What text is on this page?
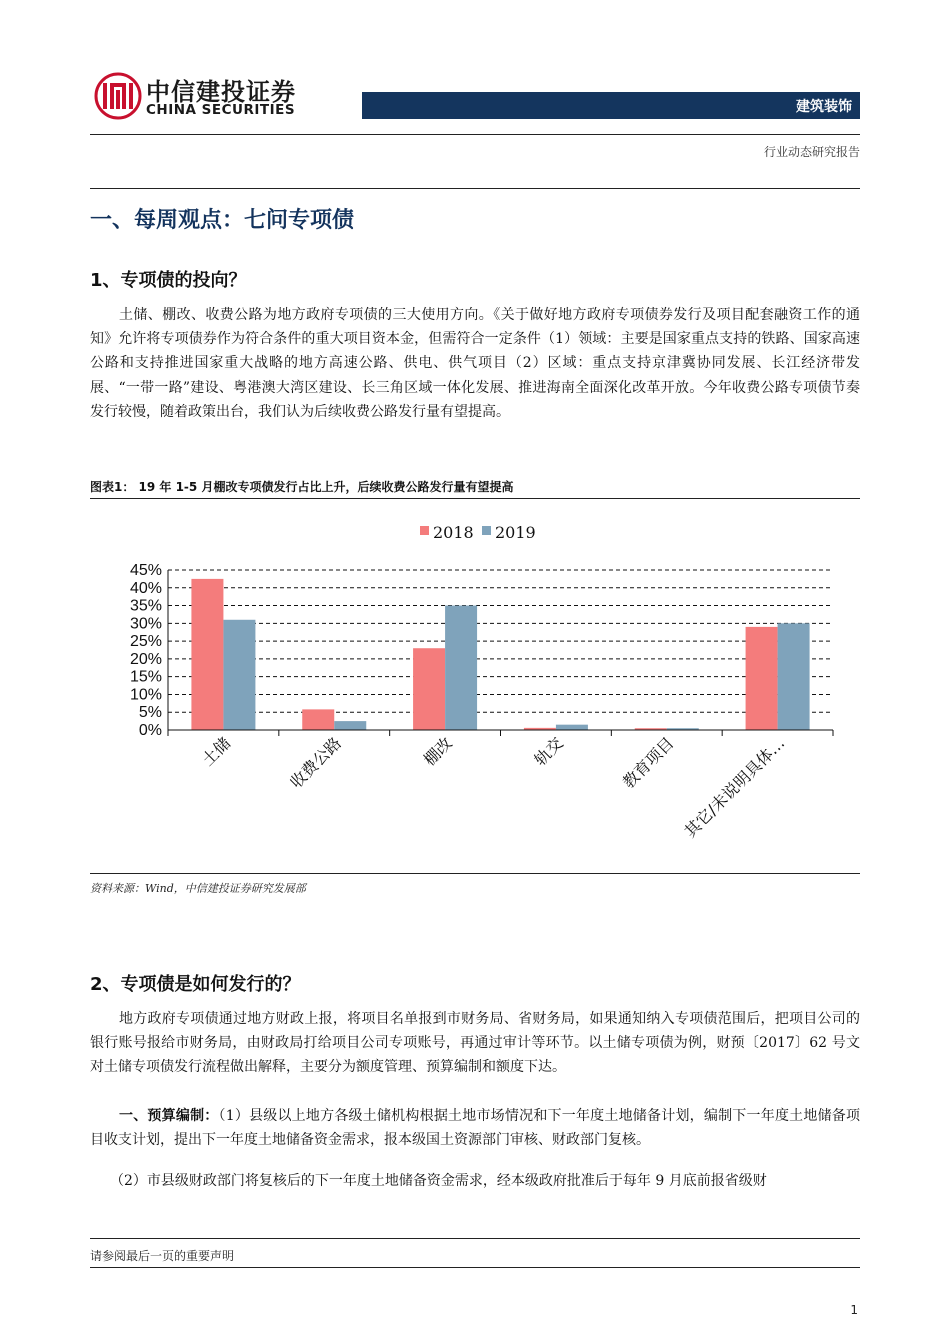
中信建投证券
CHINA SECURITIES	建筑装饰
行业动态研究报告
一、每周观点：七问专项债
1、专项债的投向？
土储、棚改、收费公路为地方政府专项债的三大使用方向。《关于做好地方政府专项债券发行及项目配套融资工作的通知》允许将专项债券作为符合条件的重大项目资本金，但需符合一定条件（1）领域：主要是国家重点支持的铁路、国家高速公路和支持推进国家重大战略的地方高速公路、供电、供气项目（2）区域：重点支持京津冀协同发展、长江经济带发展、“一带一路”建设、粤港澳大湾区建设、长三角区域一体化发展、推进海南全面深化改革开放。今年收费公路专项债节奏发行较慢，随着政策出台，我们认为后续收费公路发行量有望提高。
图表1： 19 年 1-5 月棚改专项债发行占比上升，后续收费公路发行量有望提高
2018 2019
0%
5%
10%
15%
20%
25%
30%
35%
40%
45%
土储	收费公路	棚改	轨交	教育项目 其它/未说明具体…
资料来源：Wind，中信建投证券研究发展部
2、专项债是如何发行的？
地方政府专项债通过地方财政上报，将项目名单报到市财务局、省财务局，如果通知纳入专项债范围后，把项目公司的银行账号报给市财务局，由财政局打给项目公司专项账号，再通过审计等环节。以土储专项债为例，财预〔2017〕62 号文对土储专项债发行流程做出解释，主要分为额度管理、预算编制和额度下达。
一、预算编制：（1）县级以上地方各级土储机构根据土地市场情况和下一年度土地储备计划，编制下一年度土地储备项目收支计划，提出下一年度土地储备资金需求，报本级国土资源部门审核、财政部门复核。
（2）市县级财政部门将复核后的下一年度土地储备资金需求，经本级政府批准后于每年 9 月底前报省级财
请参阅最后一页的重要声明
1
